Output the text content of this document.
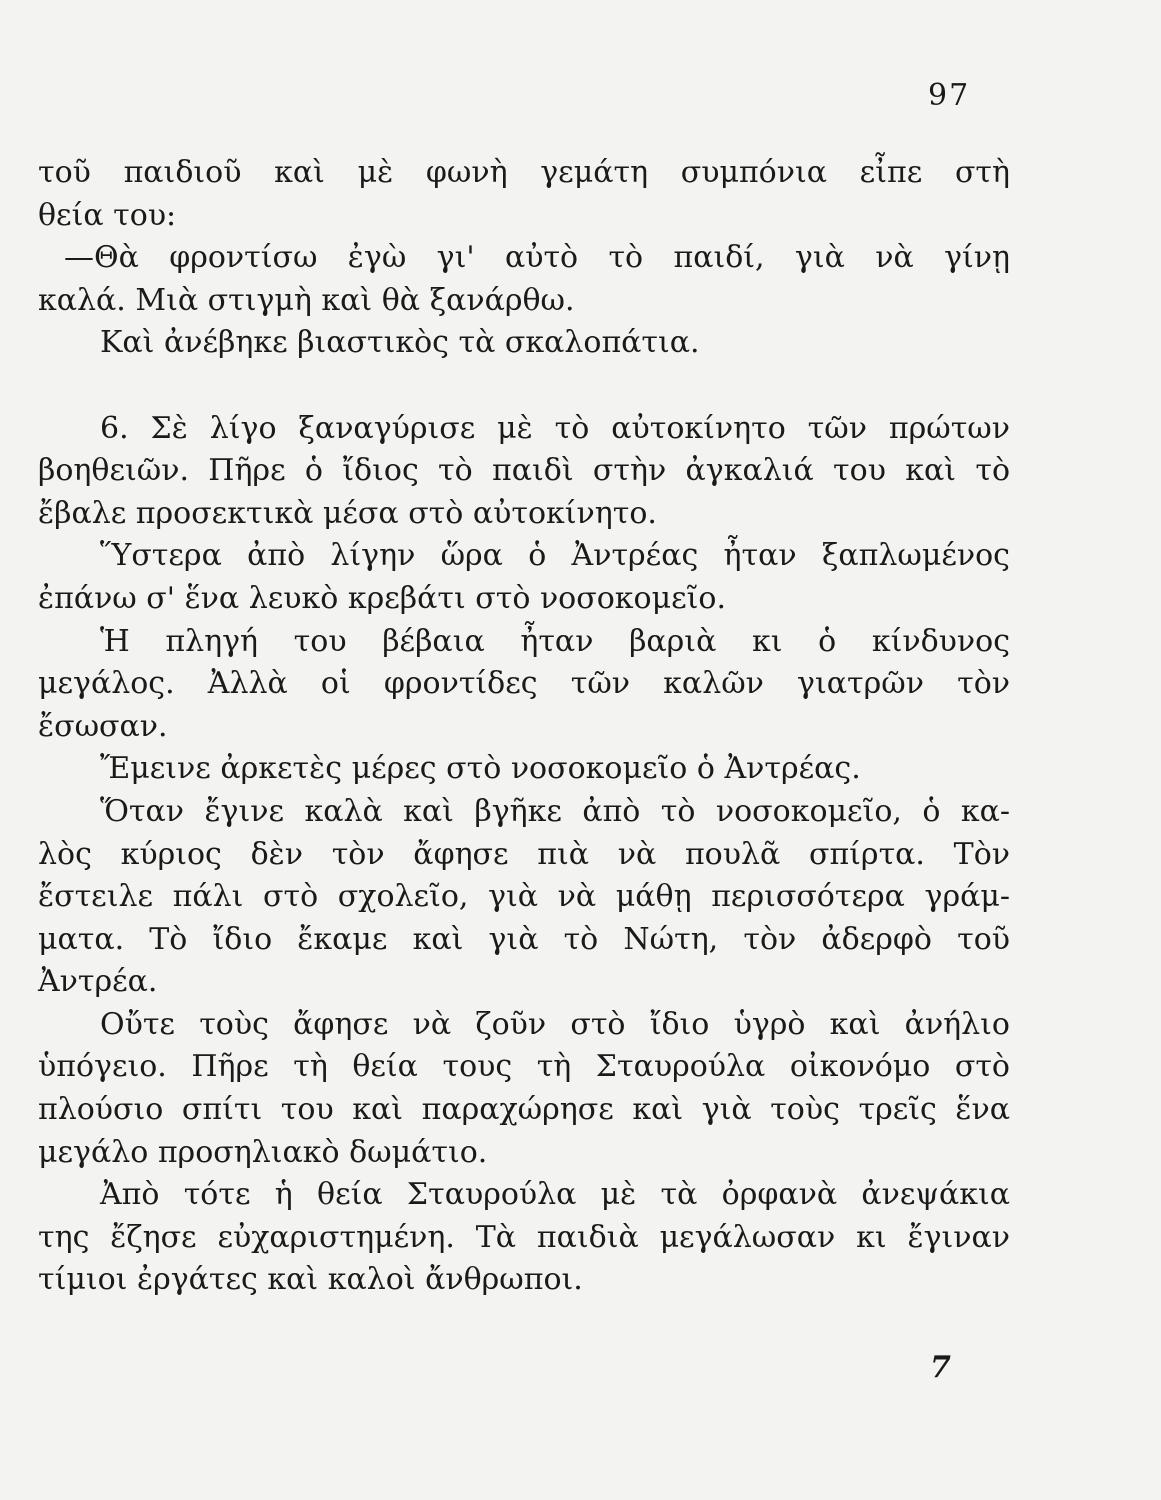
97
τοῦ παιδιοῦ καὶ μὲ φωνὴ γεμάτη συμπόνια εἶπε στὴ
θεία του:
—Θὰ φροντίσω ἐγὼ γι' αὐτὸ τὸ παιδί, γιὰ νὰ γίνῃ
καλά. Μιὰ στιγμὴ καὶ θὰ ξανάρθω.
Καὶ ἀνέβηκε βιαστικὸς τὰ σκαλοπάτια.
6. Σὲ λίγο ξαναγύρισε μὲ τὸ αὐτοκίνητο τῶν πρώτων
βοηθειῶν. Πῆρε ὁ ἴδιος τὸ παιδὶ στὴν ἀγκαλιά του καὶ τὸ
ἔβαλε προσεκτικὰ μέσα στὸ αὐτοκίνητο.
Ὕστερα ἀπὸ λίγην ὥρα ὁ Ἀντρέας ἦταν ξαπλωμένος
ἐπάνω σ' ἕνα λευκὸ κρεβάτι στὸ νοσοκομεῖο.
Ἡ πληγή του βέβαια ἦταν βαριὰ κι ὁ κίνδυνος
μεγάλος. Ἀλλὰ οἱ φροντίδες τῶν καλῶν γιατρῶν τὸν
ἔσωσαν.
Ἔμεινε ἀρκετὲς μέρες στὸ νοσοκομεῖο ὁ Ἀντρέας.
Ὅταν ἔγινε καλὰ καὶ βγῆκε ἀπὸ τὸ νοσοκομεῖο, ὁ κα-
λὸς κύριος δὲν τὸν ἄφησε πιὰ νὰ πουλᾶ σπίρτα. Τὸν
ἔστειλε πάλι στὸ σχολεῖο, γιὰ νὰ μάθῃ περισσότερα γράμ-
ματα. Τὸ ἴδιο ἔκαμε καὶ γιὰ τὸ Νώτη, τὸν ἀδερφὸ τοῦ
Ἀντρέα.
Οὔτε τοὺς ἄφησε νὰ ζοῦν στὸ ἴδιο ὑγρὸ καὶ ἀνήλιο
ὑπόγειο. Πῆρε τὴ θεία τους τὴ Σταυρούλα οἰκονόμο στὸ
πλούσιο σπίτι του καὶ παραχώρησε καὶ γιὰ τοὺς τρεῖς ἕνα
μεγάλο προσηλιακὸ δωμάτιο.
Ἀπὸ τότε ἡ θεία Σταυρούλα μὲ τὰ ὀρφανὰ ἀνεψάκια
της ἔζησε εὐχαριστημένη. Τὰ παιδιὰ μεγάλωσαν κι ἔγιναν
τίμιοι ἐργάτες καὶ καλοὶ ἄνθρωποι.
7
